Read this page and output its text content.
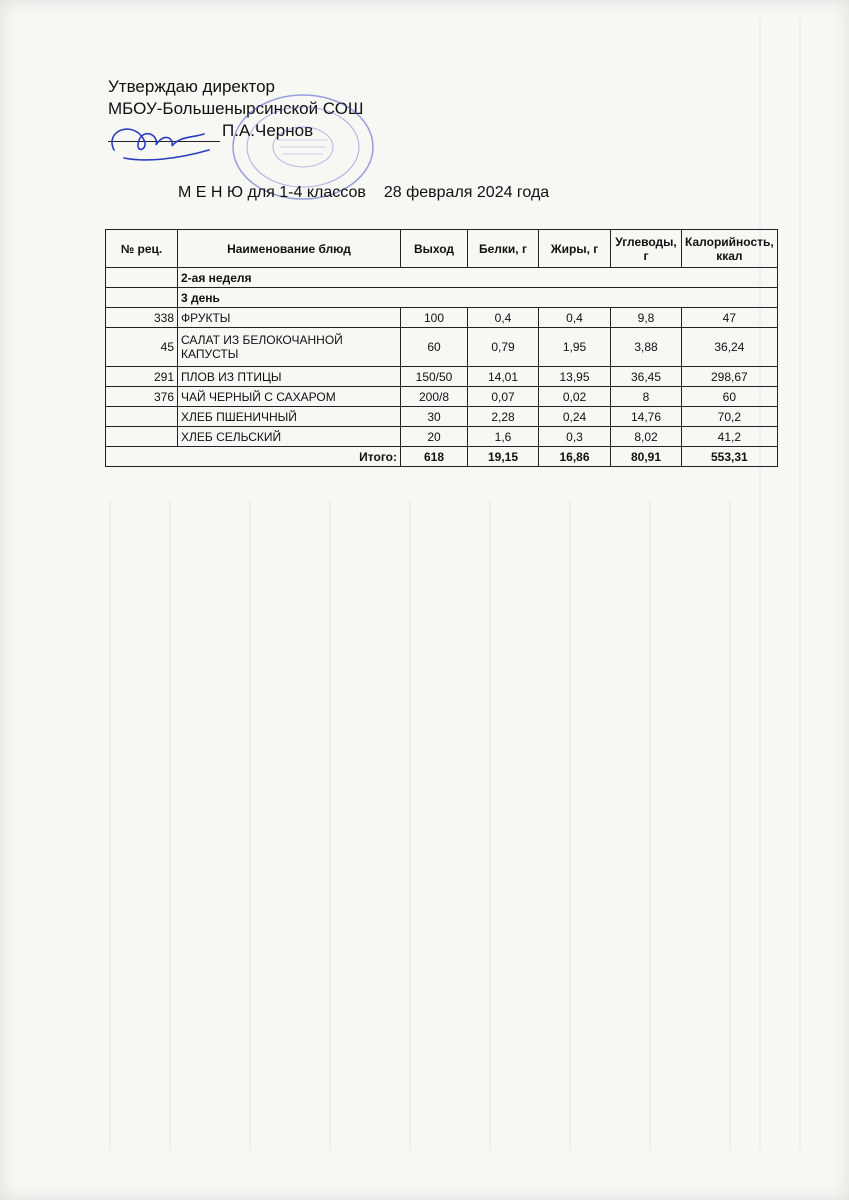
Утверждаю директор
МБОУ-Большенырсинской СОШ
П.А.Чернов
М Е Н Ю для 1-4 классов 28 февраля 2024 года
№ рец.	Наименование блюд	Выход	Белки, г	Жиры, г	Углеводы, г	Калорийность, ккал
	2-ая неделя					
	3 день					
338	ФРУКТЫ	100	0,4	0,4	9,8	47
45	САЛАТ ИЗ БЕЛОКОЧАННОЙ КАПУСТЫ	60	0,79	1,95	3,88	36,24
291	ПЛОВ ИЗ ПТИЦЫ	150/50	14,01	13,95	36,45	298,67
376	ЧАЙ ЧЕРНЫЙ С САХАРОМ	200/8	0,07	0,02	8	60
	ХЛЕБ ПШЕНИЧНЫЙ	30	2,28	0,24	14,76	70,2
	ХЛЕБ СЕЛЬСКИЙ	20	1,6	0,3	8,02	41,2
Итого:		618	19,15	16,86	80,91	553,31
